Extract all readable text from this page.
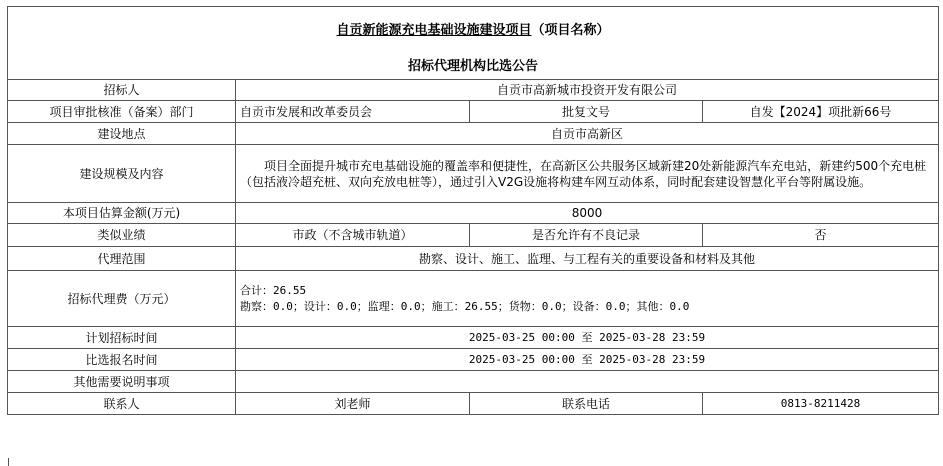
自贡新能源充电基础设施建设项目（项目名称）			
招标代理机构比选公告			
招标人	自贡市高新城市投资开发有限公司		
项目审批核准（备案）部门	自贡市发展和改革委员会	批复文号	自发【2024】项批新66号
建设地点	自贡市高新区		
建设规模及内容	项目全面提升城市充电基础设施的覆盖率和便捷性，在高新区公共服务区域新建20处新能源汽车充电站，新建约500个充电桩（包括液冷超充桩、双向充放电桩等），通过引入V2G设施将构建车网互动体系，同时配套建设智慧化平台等附属设施。		
本项目估算金额(万元)	8000		
类似业绩	市政（不含城市轨道）	是否允许有不良记录	否
代理范围	勘察、设计、施工、监理、与工程有关的重要设备和材料及其他		
招标代理费（万元）	合计：26.55
勘察：0.0；设计：0.0；监理：0.0；施工：26.55；货物：0.0；设备：0.0；其他：0.0		

计划招标时间	2025-03-25 00:00 至 2025-03-28 23:59		
比选报名时间	2025-03-25 00:00 至 2025-03-28 23:59		
其他需要说明事项			
联系人	刘老师	联系电话	0813-8211428
